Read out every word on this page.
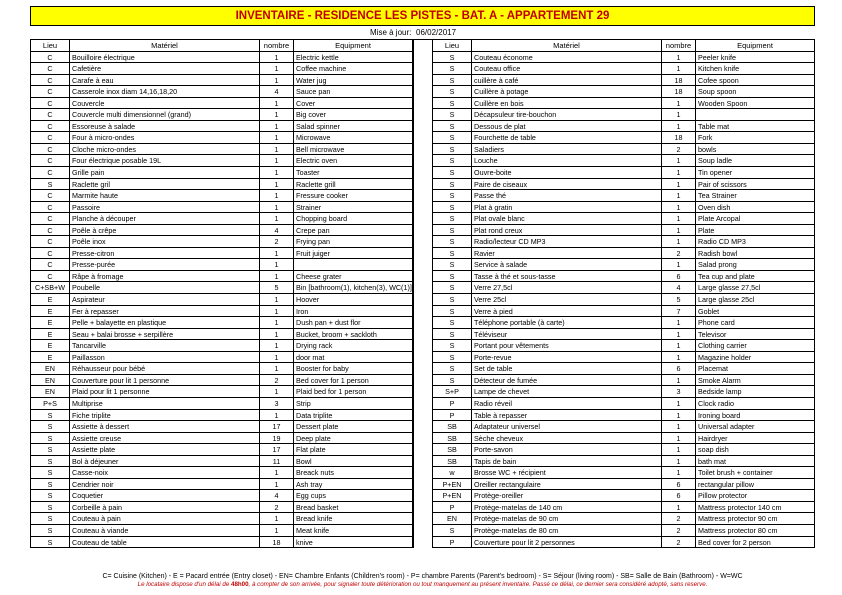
INVENTAIRE - RESIDENCE LES PISTES - BAT. A - APPARTEMENT 29
Mise à jour: 06/02/2017
Lieu	Matériel	nombre	Equipment
C	Bouilloire électrique	1	Electric kettle
C	Cafetière	1	Coffee machine
C	Carafe à eau	1	Water jug
C	Casserole inox diam 14,16,18,20	4	Sauce pan
C	Couvercle	1	Cover
C	Couvercle multi dimensionnel (grand)	1	Big cover
C	Essoreuse à salade	1	Salad spinner
C	Four à micro-ondes	1	Microwave
C	Cloche micro-ondes	1	Bell microwave
C	Four électrique posable 19L	1	Electric oven
C	Grille pain	1	Toaster
S	Raclette gril	1	Raclette grill
C	Marmite haute	1	Fressure cooker
C	Passoire	1	Strainer
C	Planche à découper	1	Chopping board
C	Poêle à crêpe	4	Crepe pan
C	Poêle inox	2	Frying pan
C	Presse-citron	1	Fruit juiger
C	Presse-purée	1
C	Râpe à fromage	1	Cheese grater
C+SB+W Poubelle	5	Bin [bathroom(1), kitchen(3), WC(1)]
E	Aspirateur	1	Hoover
E	Fer à repasser	1	Iron
E	Pelle + balayette en plastique	1	Dush pan + dust flor
E	Seau + balai brosse + serpillère	1	Bucket, broom + sackloth
E	Tancarville	1	Drying rack
E	Paillasson	1	door mat
EN	Réhausseur pour bébé	1	Booster for baby
EN	Couverture pour lit 1 personne	2	Bed cover for 1 person
EN	Plaid pour lit 1 personne	1	Plaid bed for 1 person
P+S	Multiprise	3	Strip
S	Fiche triplite	1	Data triplite
S	Assiette à dessert	17	Dessert plate
S	Assiette creuse	19	Deep plate
S	Assiette plate	17	Flat plate
S	Bol à déjeuner	11	Bowl
S	Casse-noix	1	Breack nuts
S	Cendrier noir	1	Ash tray
S	Coquetier	4	Egg cups
S	Corbeille à pain	2	Bread basket
S	Couteau à pain	1	Bread knife
S	Couteau à viande	1	Meat knife
S	Couteau de table	18	knive
Lieu	Matériel	nombre	Equipment
S	Couteau économe	1	Peeler knife
S	Couteau office	1	Kitchen knife
S	cuillère à café	18	Cofee spoon
S	Cuillère à potage	18	Soup spoon
S	Cuillère en bois	1	Wooden Spoon
S	Décapsuleur tire-bouchon	1
S	Dessous de plat	1	Table mat
S	Fourchette de table	18	Fork
S	Saladiers	2	bowls
S	Louche	1	Soup ladle
S	Ouvre-boite	1	Tin opener
S	Paire de ciseaux	1	Pair of scissors
S	Passe thé	1	Tea Strainer
S	Plat à gratin	1	Oven dish
S	Plat ovale blanc	1	Plate Arcopal
S	Plat rond creux	1	Plate
S	Radio/lecteur CD MP3	1	Radio CD MP3
S	Ravier	2	Radish bowl
S	Service à salade	1	Salad prong
S	Tasse à thé et sous-tasse	6	Tea cup and plate
S	Verre 27,5cl	4	Large glasse 27,5cl
S	Verre 25cl	5	Large glasse 25cl
S	Verre à pied	7	Goblet
S	Téléphone portable (à carte)	1	Phone card
S	Téléviseur	1	Televisor
S	Portant pour vêtements	1	Clothing carrier
S	Porte-revue	1	Magazine holder
S	Set de table	6	Placemat
S	Détecteur de fumée	1	Smoke Alarm
S+P	Lampe de chevet	3	Bedside lamp
P	Radio réveil	1	Clock radio
P	Table à repasser	1	Ironing board
SB	Adaptateur universel	1	Universal adapter
SB	Sèche cheveux	1	Hairdryer
SB	Porte-savon	1	soap dish
SB	Tapis de bain	1	bath mat
w	Brosse WC + récipient	1	Toilet brush + container
P+EN	Oreiller rectangulaire	6	rectangular pillow
P+EN	Protège-oreiller	6	Pillow protector
P	Protège-matelas de 140 cm	1	Mattress protector 140 cm
EN	Protège-matelas de 90 cm	2	Mattress protector 90 cm
S	Protège-matelas de 80 cm	2	Mattress protector 80 cm
P	Couverture pour lit 2 personnes	2	Bed cover for 2 person
C= Cuisine (Kitchen) - E = Pacard entrée (Entry closet) - EN= Chambre Enfants (Children's room) - P= chambre Parents (Parent's bedroom) - S= Séjour (living room) - SB= Salle de Bain (Bathroom) - W=WC
Le locataire dispose d'un délai de 48h00, à compter de son arrivée, pour signaler toute détérioration ou tout manquement au présent inventaire. Passé ce délai, ce dernier sera considéré adopté, sans reserve.
